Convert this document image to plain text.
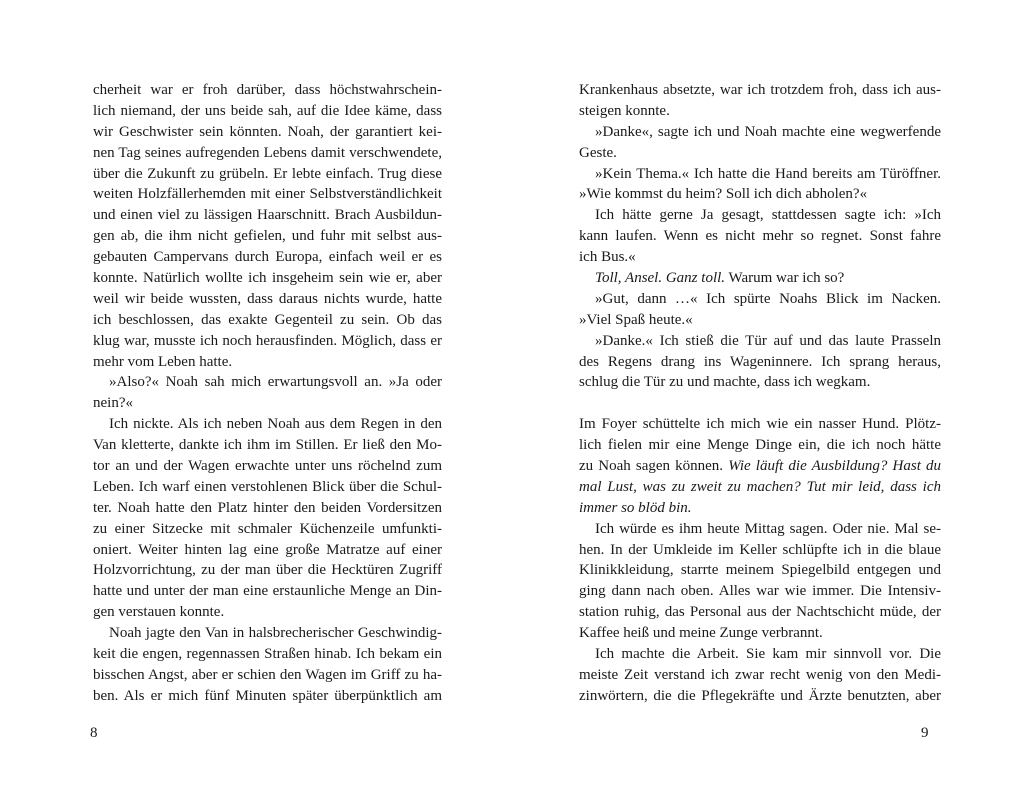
cherheit war er froh darüber, dass höchstwahrschein-
lich niemand, der uns beide sah, auf die Idee käme, dass
wir Geschwister sein könnten. Noah, der garantiert kei-
nen Tag seines aufregenden Lebens damit verschwendete,
über die Zukunft zu grübeln. Er lebte einfach. Trug diese
weiten Holzfällerhemden mit einer Selbstverständlichkeit
und einen viel zu lässigen Haarschnitt. Brach Ausbildun-
gen ab, die ihm nicht gefielen, und fuhr mit selbst aus-
gebauten Campervans durch Europa, einfach weil er es
konnte. Natürlich wollte ich insgeheim sein wie er, aber
weil wir beide wussten, dass daraus nichts wurde, hatte
ich beschlossen, das exakte Gegenteil zu sein. Ob das
klug war, musste ich noch herausfinden. Möglich, dass er
mehr vom Leben hatte.
»Also?« Noah sah mich erwartungsvoll an. »Ja oder
nein?«
Ich nickte. Als ich neben Noah aus dem Regen in den
Van kletterte, dankte ich ihm im Stillen. Er ließ den Mo-
tor an und der Wagen erwachte unter uns röchelnd zum
Leben. Ich warf einen verstohlenen Blick über die Schul-
ter. Noah hatte den Platz hinter den beiden Vordersitzen
zu einer Sitzecke mit schmaler Küchenzeile umfunkti-
oniert. Weiter hinten lag eine große Matratze auf einer
Holzvorrichtung, zu der man über die Hecktüren Zugriff
hatte und unter der man eine erstaunliche Menge an Din-
gen verstauen konnte.
Noah jagte den Van in halsbrecherischer Geschwindig-
keit die engen, regennassen Straßen hinab. Ich bekam ein
bisschen Angst, aber er schien den Wagen im Griff zu ha-
ben. Als er mich fünf Minuten später überpünktlich am
8
Krankenhaus absetzte, war ich trotzdem froh, dass ich aus-
steigen konnte.
»Danke«, sagte ich und Noah machte eine wegwerfende
Geste.
»Kein Thema.« Ich hatte die Hand bereits am Türöffner.
»Wie kommst du heim? Soll ich dich abholen?«
Ich hätte gerne Ja gesagt, stattdessen sagte ich: »Ich
kann laufen. Wenn es nicht mehr so regnet. Sonst fahre
ich Bus.«
Toll, Ansel. Ganz toll. Warum war ich so?
»Gut, dann …« Ich spürte Noahs Blick im Nacken.
»Viel Spaß heute.«
»Danke.« Ich stieß die Tür auf und das laute Prasseln
des Regens drang ins Wageninnere. Ich sprang heraus,
schlug die Tür zu und machte, dass ich wegkam.
Im Foyer schüttelte ich mich wie ein nasser Hund. Plötz-
lich fielen mir eine Menge Dinge ein, die ich noch hätte
zu Noah sagen können. Wie läuft die Ausbildung? Hast du
mal Lust, was zu zweit zu machen? Tut mir leid, dass ich
immer so blöd bin.
Ich würde es ihm heute Mittag sagen. Oder nie. Mal se-
hen. In der Umkleide im Keller schlüpfte ich in die blaue
Klinikkleidung, starrte meinem Spiegelbild entgegen und
ging dann nach oben. Alles war wie immer. Die Intensiv-
station ruhig, das Personal aus der Nachtschicht müde, der
Kaffee heiß und meine Zunge verbrannt.
Ich machte die Arbeit. Sie kam mir sinnvoll vor. Die
meiste Zeit verstand ich zwar recht wenig von den Medi-
zinwörtern, die die Pflegekräfte und Ärzte benutzten, aber
9
